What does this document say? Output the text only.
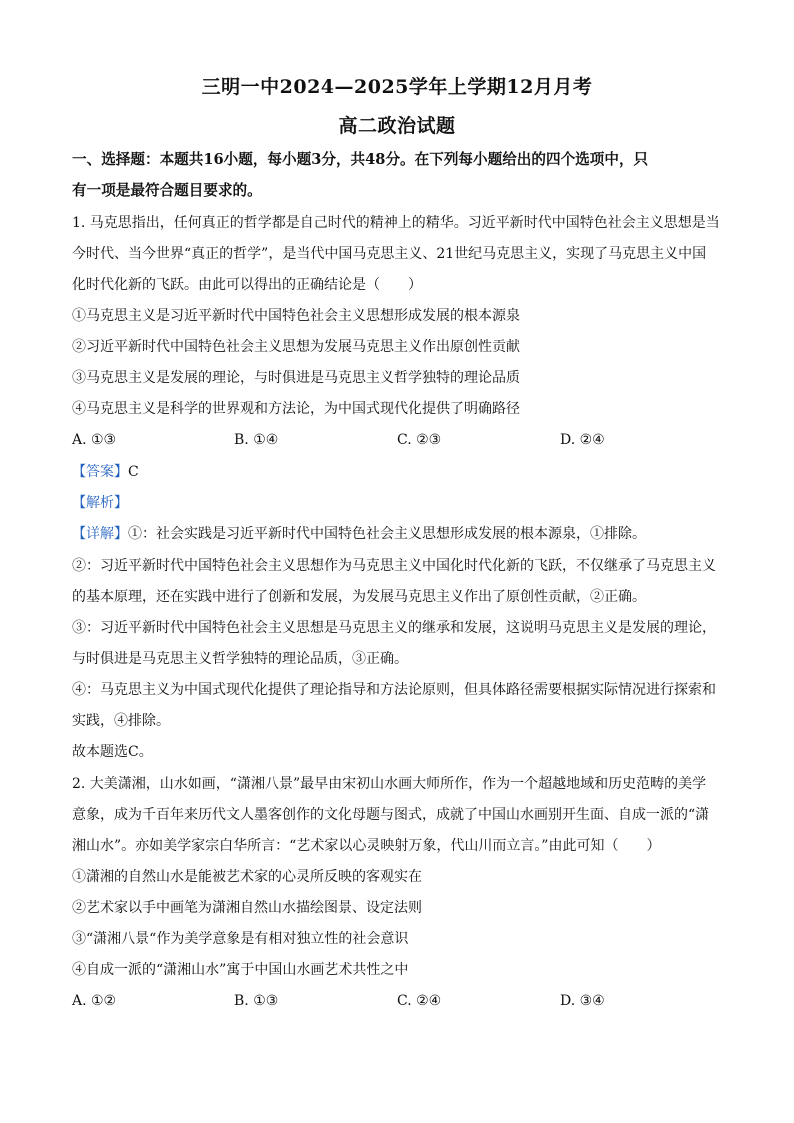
三明一中2024—2025学年上学期12月月考
高二政治试题
一、选择题：本题共16小题，每小题3分，共48分。在下列每小题给出的四个选项中，只
有一项是最符合题目要求的。
1. 马克思指出，任何真正的哲学都是自己时代的精神上的精华。习近平新时代中国特色社会主义思想是当
今时代、当今世界“真正的哲学”，是当代中国马克思主义、21世纪马克思主义，实现了马克思主义中国
化时代化新的飞跃。由此可以得出的正确结论是（　　）
①马克思主义是习近平新时代中国特色社会主义思想形成发展的根本源泉
②习近平新时代中国特色社会主义思想为发展马克思主义作出原创性贡献
③马克思主义是发展的理论，与时俱进是马克思主义哲学独特的理论品质
④马克思主义是科学的世界观和方法论，为中国式现代化提供了明确路径
A. ①③	B. ①④	C. ②③	D. ②④
【答案】C
【解析】
【详解】①：社会实践是习近平新时代中国特色社会主义思想形成发展的根本源泉，①排除。
②：习近平新时代中国特色社会主义思想作为马克思主义中国化时代化新的飞跃，不仅继承了马克思主义
的基本原理，还在实践中进行了创新和发展，为发展马克思主义作出了原创性贡献，②正确。
③：习近平新时代中国特色社会主义思想是马克思主义的继承和发展，这说明马克思主义是发展的理论，
与时俱进是马克思主义哲学独特的理论品质，③正确。
④：马克思主义为中国式现代化提供了理论指导和方法论原则，但具体路径需要根据实际情况进行探索和
实践，④排除。
故本题选C。
2. 大美潇湘，山水如画，“潇湘八景”最早由宋初山水画大师所作，作为一个超越地域和历史范畴的美学
意象，成为千百年来历代文人墨客创作的文化母题与图式，成就了中国山水画别开生面、自成一派的“潇
湘山水”。亦如美学家宗白华所言：“艺术家以心灵映射万象，代山川而立言。”由此可知（　　）
①潇湘的自然山水是能被艺术家的心灵所反映的客观实在
②艺术家以手中画笔为潇湘自然山水描绘图景、设定法则
③“潇湘八景“作为美学意象是有相对独立性的社会意识
④自成一派的“潇湘山水”寓于中国山水画艺术共性之中
A. ①②	B. ①③	C. ②④	D. ③④
